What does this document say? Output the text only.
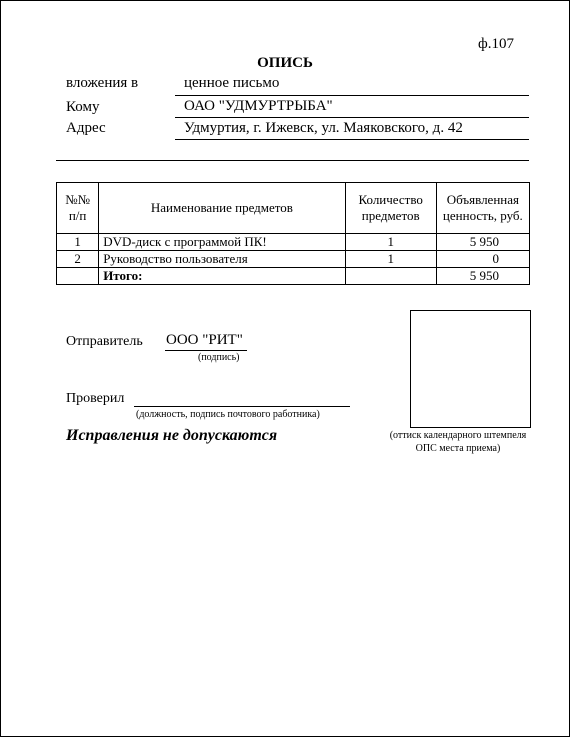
ф.107
ОПИСЬ
вложения в	ценное письмо
Кому	ОАО "УДМУРТРЫБА"
Адрес	Удмуртия, г. Ижевск, ул. Маяковского, д. 42
№№ п/п	Наименование предметов	Количество предметов	Объявленная ценность, руб.
1	DVD-диск с программой ПК!	1	5 950
2	Руководство пользователя	1	0
	Итого:		5 950
Отправитель ООО "РИТ"
(подпись)
Проверил
(должность, подпись почтового работника)
Исправления не допускаются	(оттиск календарного штемпеля ОПС места приема)
